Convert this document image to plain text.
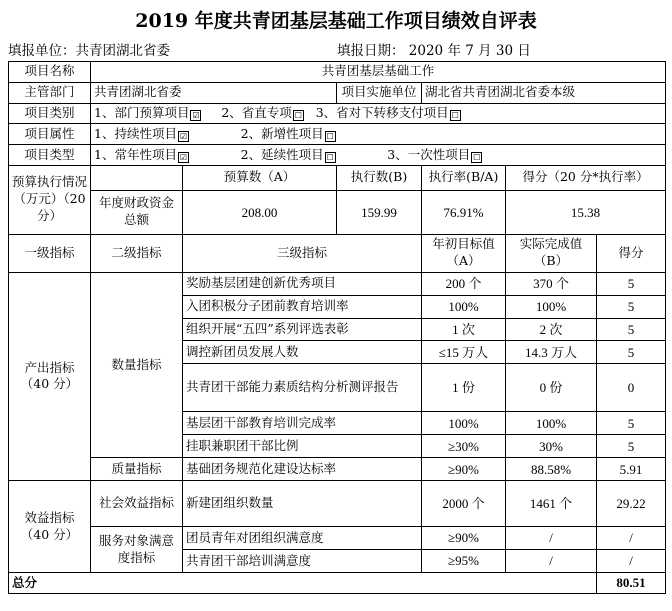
2019 年度共青团基层基础工作项目绩效自评表
填报单位：共青团湖北省委	填报日期： 2020 年 7 月 30 日
项目名称	共青团基层基础工作					
主管部门	共青团湖北省委		项目实施单位	湖北省共青团湖北省委本级		
项目类别	1、部门预算项目 ☑ 2、省直专项 ☐ 3、省对下转移支付项目 ☐					
项目属性	1、持续性项目 ☑ 2、新增性项目 ☐					
项目类型	1、常年性项目 ☑ 2、延续性项目 ☐ 3、一次性项目 ☐					
预算执行情况（万元）（20 分）		预算数（A）	执行数(B)	执行率(B/A)	得分（20 分*执行率）	
	年度财政资金总额	208.00	159.99	76.91%	15.38	
一级指标	二级指标	三级指标		年初目标值（A）	实际完成值（B）	得分
产出指标（40 分）	数量指标	奖励基层团建创新优秀项目		200 个	370 个	5
		入团积极分子团前教育培训率		100%	100%	5
		组织开展“五四”系列评选表彰		1 次	2 次	5
		调控新团员发展人数		≤15 万人	14.3 万人	5
		共青团干部能力素质结构分析测评报告		1 份	0 份	0
		基层团干部教育培训完成率		100%	100%	5
		挂职兼职团干部比例		≥30%	30%	5
	质量指标	基础团务规范化建设达标率		≥90%	88.58%	5.91
效益指标（40 分）	社会效益指标	新建团组织数量		2000 个	1461 个	29.22
	服务对象满意度指标	团员青年对团组织满意度		≥90%	/	/
		共青团干部培训满意度		≥95%	/	/
总分						80.51
